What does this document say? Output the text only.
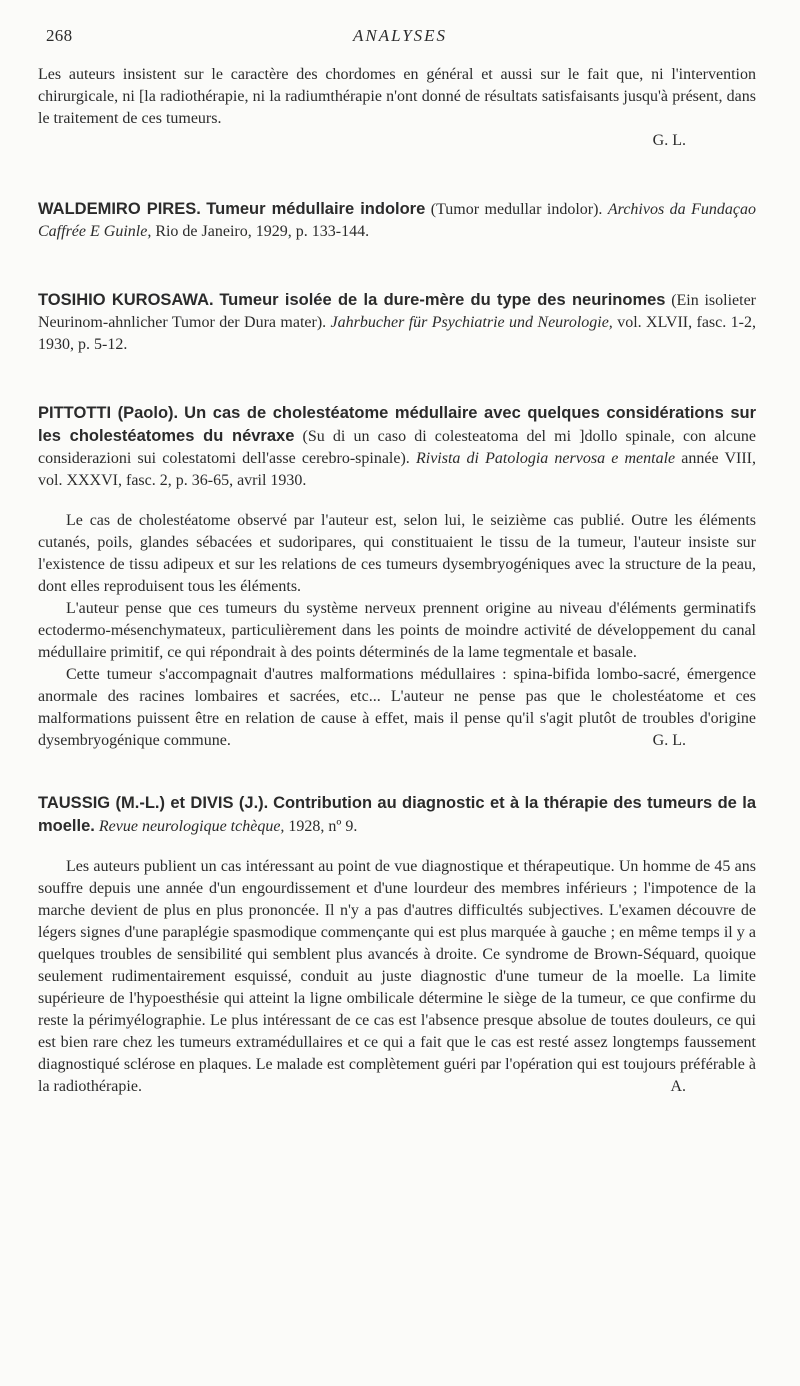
268	ANALYSES

Les auteurs insistent sur le caractère des chordomes en général et aussi sur le fait que, ni l'intervention chirurgicale, ni [la radiothérapie, ni la radiumthérapie n'ont donné de résultats satisfaisants jusqu'à présent, dans le traitement de ces tumeurs.

G. L.
WALDEMIRO PIRES. Tumeur médullaire indolore (Tumor medullar indolor). Archivos da Fundaçao Caffrée E Guinle, Rio de Janeiro, 1929, p. 133-144.
TOSIHIO KUROSAWA. Tumeur isolée de la dure-mère du type des neurinomes (Ein isolieter Neurinom-ahnlicher Tumor der Dura mater). Jahrbucher für Psychiatrie und Neurologie, vol. XLVII, fasc. 1-2, 1930, p. 5-12.
PITTOTTI (Paolo). Un cas de cholestéatome médullaire avec quelques considérations sur les cholestéatomes du névraxe (Su di un caso di colesteatoma del mi ]dollo spinale, con alcune considerazioni sui colestatomi dell'asse cerebro-spinale). Rivista di Patologia nervosa e mentale année VIII, vol. XXXVI, fasc. 2, p. 36-65, avril 1930.

Le cas de cholestéatome observé par l'auteur est, selon lui, le seizième cas publié. Outre les éléments cutanés, poils, glandes sébacées et sudoripares, qui constituaient le tissu de la tumeur, l'auteur insiste sur l'existence de tissu adipeux et sur les relations de ces tumeurs dysembryogéniques avec la structure de la peau, dont elles reproduisent tous les éléments.

L'auteur pense que ces tumeurs du système nerveux prennent origine au niveau d'éléments germinatifs ectodermo-mésenchymateux, particulièrement dans les points de moindre activité de développement du canal médullaire primitif, ce qui répondrait à des points déterminés de la lame tegmentale et basale.

Cette tumeur s'accompagnait d'autres malformations médullaires : spina-bifida lombo-sacré, émergence anormale des racines lombaires et sacrées, etc... L'auteur ne pense pas que le cholestéatome et ces malformations puissent être en relation de cause à effet, mais il pense qu'il s'agit plutôt de troubles d'origine dysembryogénique commune.	G. L.
TAUSSIG (M.-L.) et DIVIS (J.). Contribution au diagnostic et à la thérapie des tumeurs de la moelle. Revue neurologique tchèque, 1928, nº 9.

Les auteurs publient un cas intéressant au point de vue diagnostique et thérapeutique. Un homme de 45 ans souffre depuis une année d'un engourdissement et d'une lourdeur des membres inférieurs ; l'impotence de la marche devient de plus en plus prononcée. Il n'y a pas d'autres difficultés subjectives. L'examen découvre de légers signes d'une paraplégie spasmodique commençante qui est plus marquée à gauche ; en même temps il y a quelques troubles de sensibilité qui semblent plus avancés à droite. Ce syndrome de Brown-Séquard, quoique seulement rudimentairement esquissé, conduit au juste diagnostic d'une tumeur de la moelle. La limite supérieure de l'hypoesthésie qui atteint la ligne ombilicale détermine le siège de la tumeur, ce que confirme du reste la périmyélographie. Le plus intéressant de ce cas est l'absence presque absolue de toutes douleurs, ce qui est bien rare chez les tumeurs extramédullaires et ce qui a fait que le cas est resté assez longtemps faussement diagnostiqué sclérose en plaques. Le malade est complètement guéri par l'opération qui est toujours préférable à la radiothérapie.	A.
